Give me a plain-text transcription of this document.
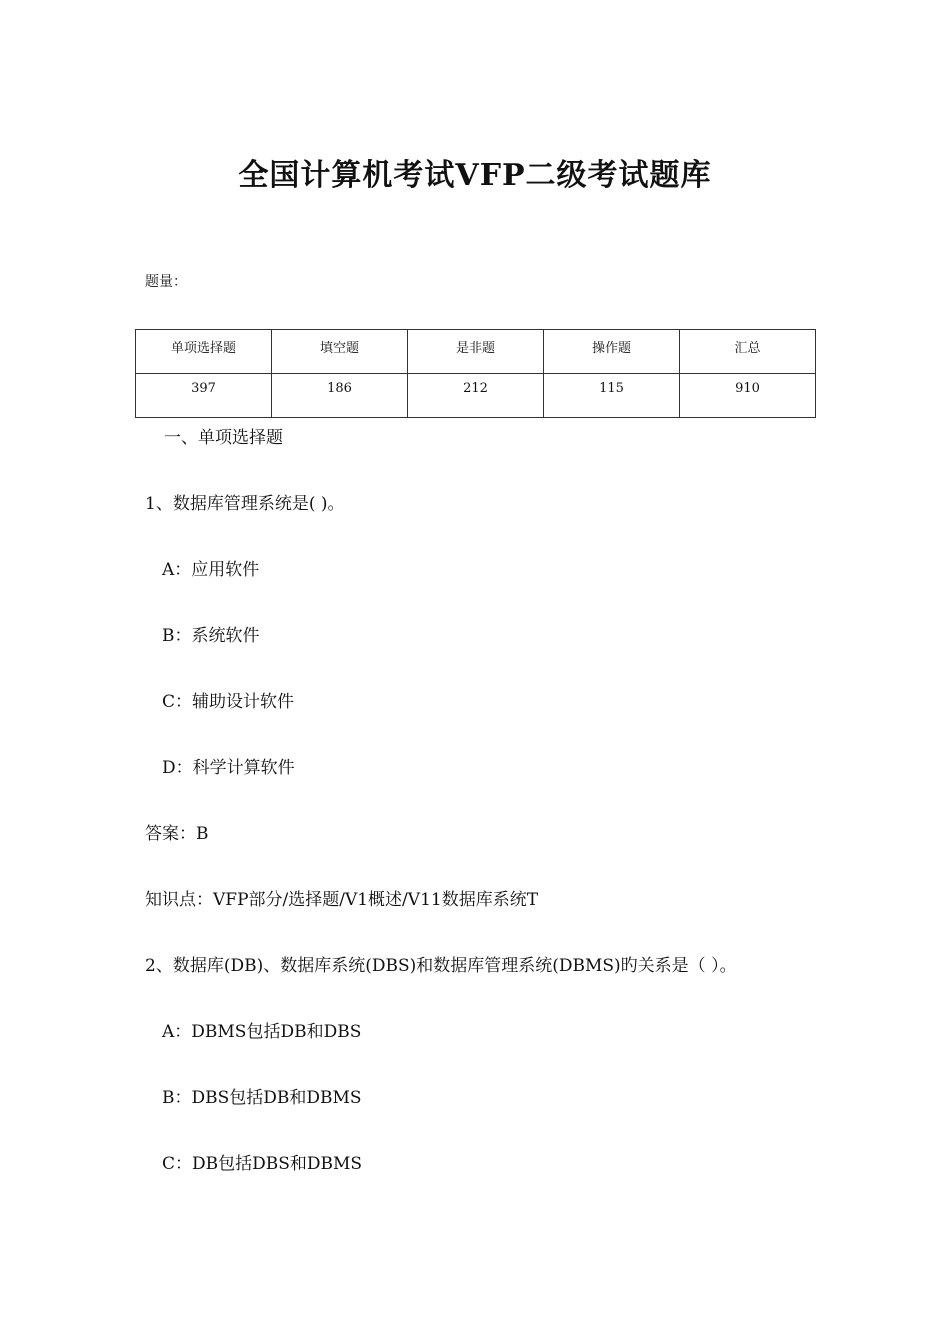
全国计算机考试VFP二级考试题库
题量：
单项选择题	填空题	是非题	操作题	汇总

397	186	212	115	910
一、单项选择题
1、数据库管理系统是( )。
A：应用软件
B：系统软件
C：辅助设计软件
D：科学计算软件
答案：B
知识点：VFP部分/选择题/V1概述/V11数据库系统T
2、数据库(DB)、数据库系统(DBS)和数据库管理系统(DBMS)旳关系是（ ）。
A：DBMS包括DB和DBS
B：DBS包括DB和DBMS
C：DB包括DBS和DBMS
